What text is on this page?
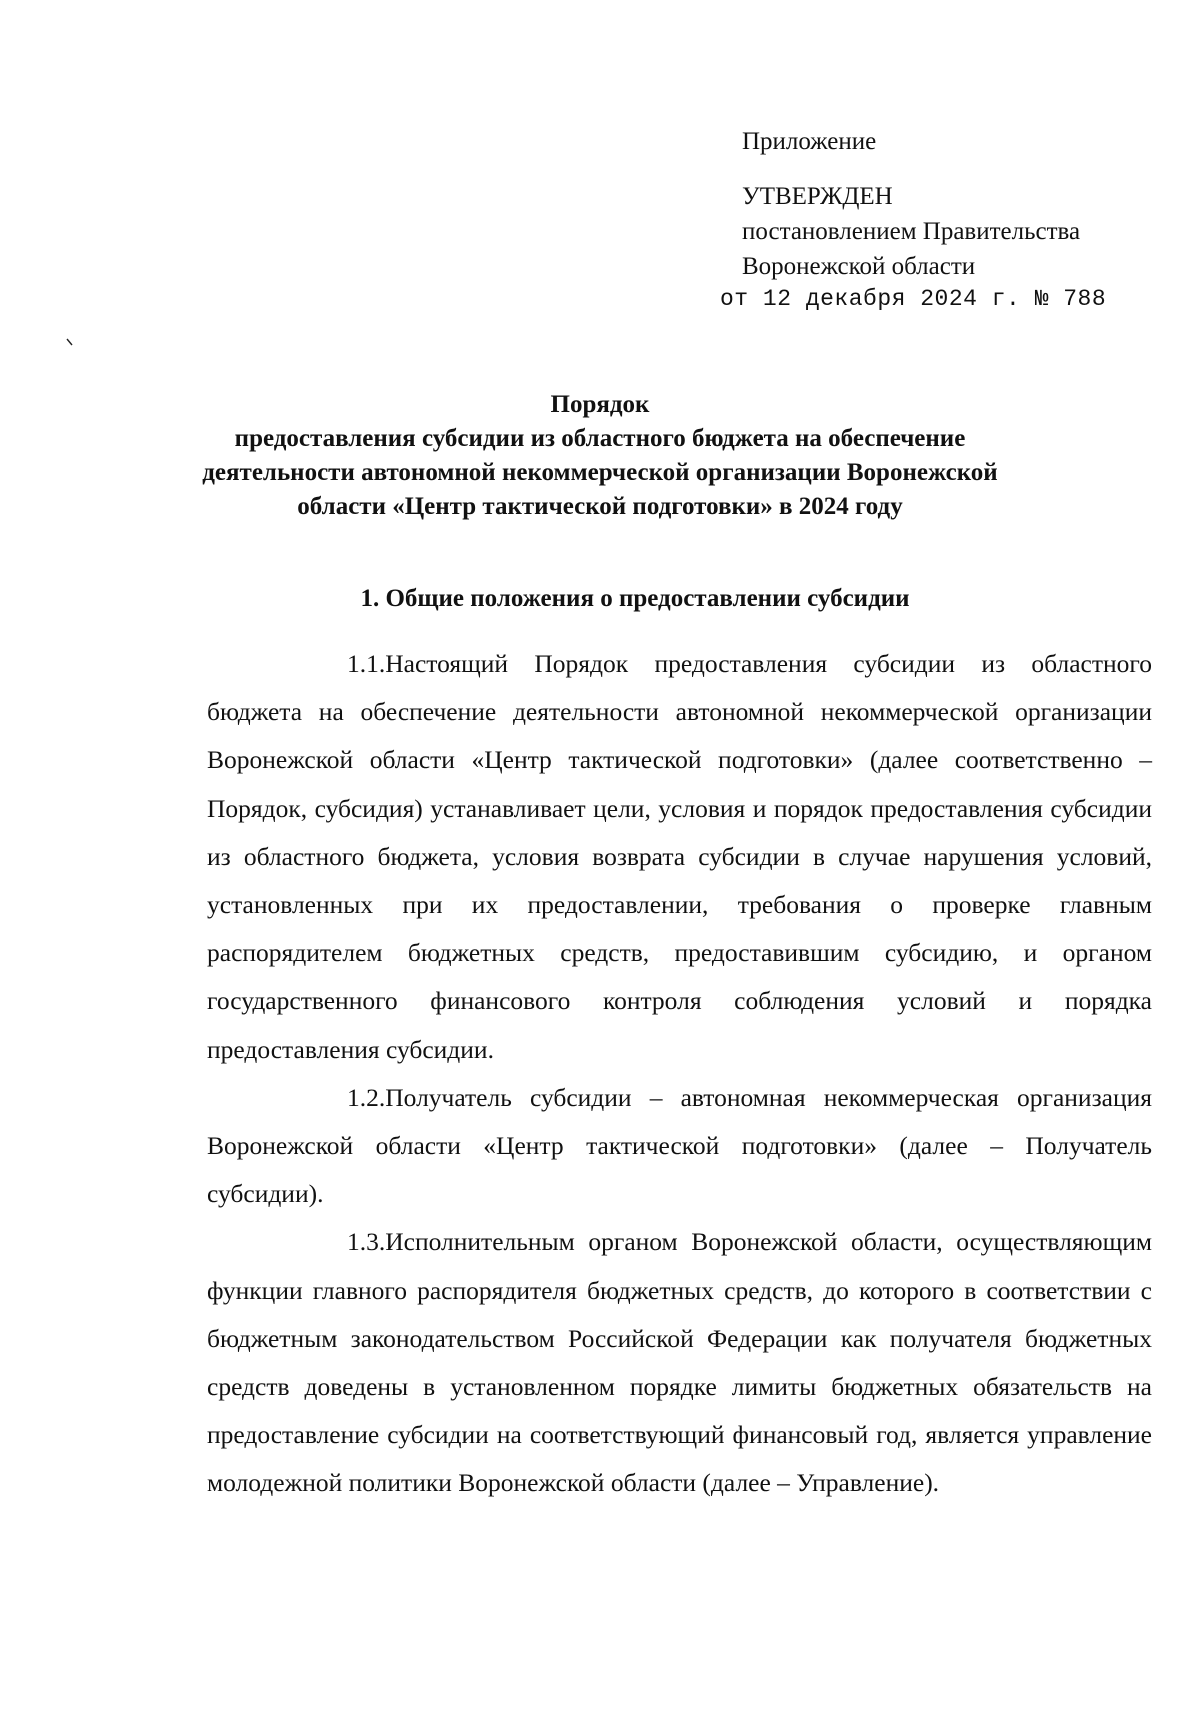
Приложение
УТВЕРЖДЕН
постановлением Правительства
Воронежской области
от 12 декабря 2024 г. № 788
Порядок
предоставления субсидии из областного бюджета на обеспечение
деятельности автономной некоммерческой организации Воронежской
области «Центр тактической подготовки» в 2024 году
1. Общие положения о предоставлении субсидии

1.1.Настоящий Порядок предоставления субсидии из областного бюджета на обеспечение деятельности автономной некоммерческой организации Воронежской области «Центр тактической подготовки» (далее соответственно – Порядок, субсидия) устанавливает цели, условия и порядок предоставления субсидии из областного бюджета, условия возврата субсидии в случае нарушения условий, установленных при их предоставлении, требования о проверке главным распорядителем бюджетных средств, предоставившим субсидию, и органом государственного финансового контроля соблюдения условий и порядка предоставления субсидии.

1.2.Получатель субсидии – автономная некоммерческая организация Воронежской области «Центр тактической подготовки» (далее – Получатель субсидии).

1.3.Исполнительным органом Воронежской области, осуществляющим функции главного распорядителя бюджетных средств, до которого в соответствии с бюджетным законодательством Российской Федерации как получателя бюджетных средств доведены в установленном порядке лимиты бюджетных обязательств на предоставление субсидии на соответствующий финансовый год, является управление молодежной политики Воронежской области (далее – Управление).
